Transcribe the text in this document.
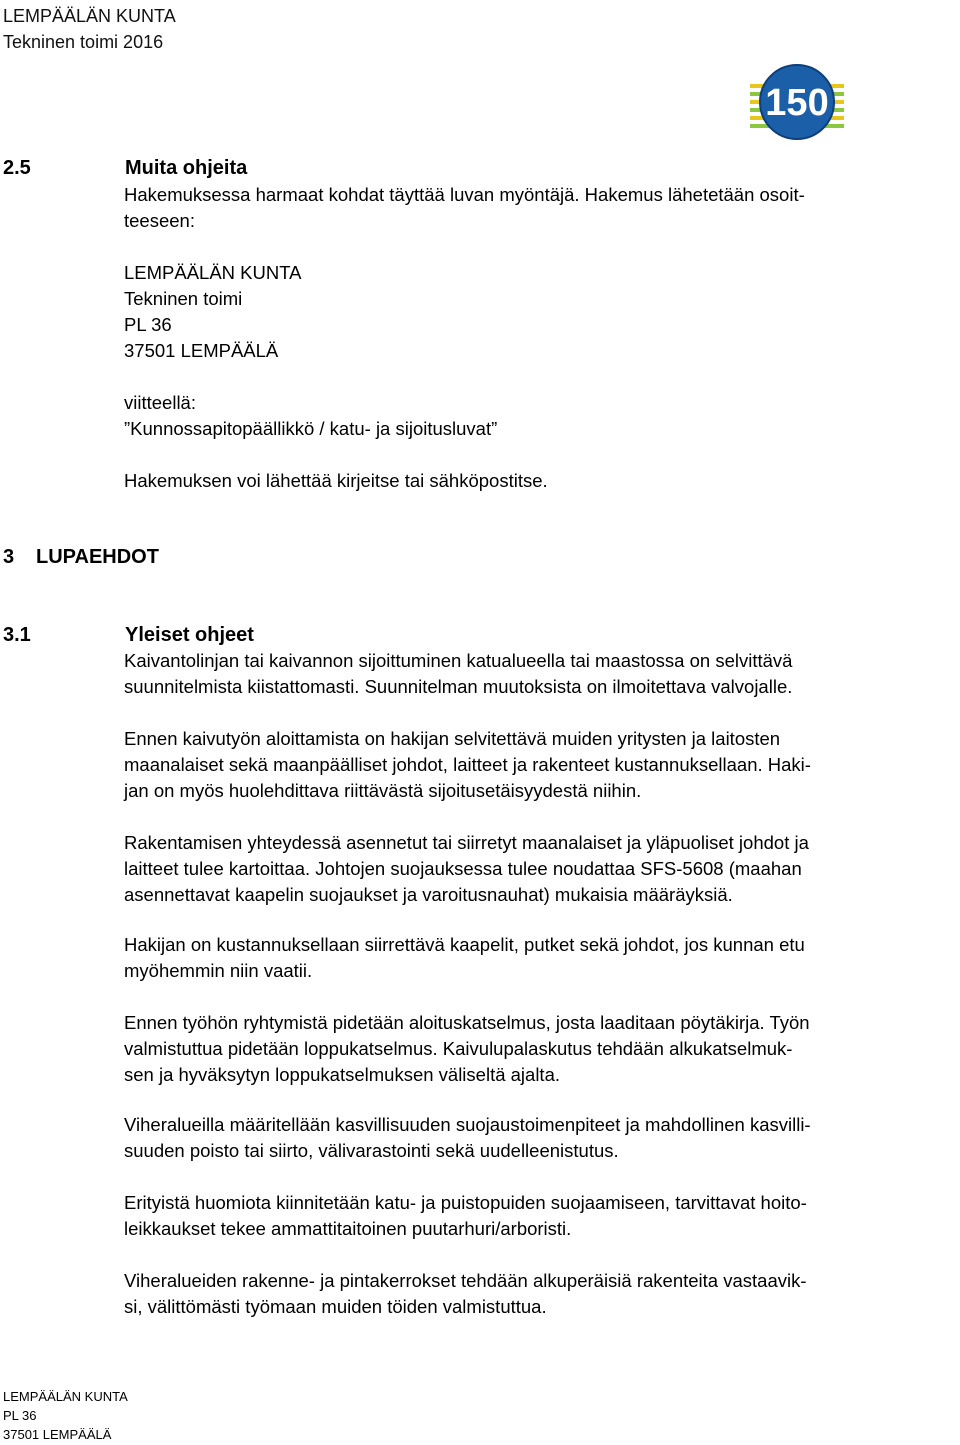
LEMPÄÄLÄN KUNTA
Tekninen toimi 2016
150
2.5	Muita ohjeita

Hakemuksessa harmaat kohdat täyttää luvan myöntäjä. Hakemus lähetetään osoit-
teeseen:

LEMPÄÄLÄN KUNTA
Tekninen toimi
PL 36
37501 LEMPÄÄLÄ

viitteellä:
”Kunnossapitopäällikkö / katu- ja sijoitusluvat”

Hakemuksen voi lähettää kirjeitse tai sähköpostitse.

3 LUPAEHDOT
3.1	Yleiset ohjeet

Kaivantolinjan tai kaivannon sijoittuminen katualueella tai maastossa on selvittävä
suunnitelmista kiistattomasti. Suunnitelman muutoksista on ilmoitettava valvojalle.

Ennen kaivutyön aloittamista on hakijan selvitettävä muiden yritysten ja laitosten
maanalaiset sekä maanpäälliset johdot, laitteet ja rakenteet kustannuksellaan. Haki-
jan on myös huolehdittava riittävästä sijoitusetäisyydestä niihin.

Rakentamisen yhteydessä asennetut tai siirretyt maanalaiset ja yläpuoliset johdot ja
laitteet tulee kartoittaa. Johtojen suojauksessa tulee noudattaa SFS-5608 (maahan
asennettavat kaapelin suojaukset ja varoitusnauhat) mukaisia määräyksiä.

Hakijan on kustannuksellaan siirrettävä kaapelit, putket sekä johdot, jos kunnan etu
myöhemmin niin vaatii.

Ennen työhön ryhtymistä pidetään aloituskatselmus, josta laaditaan pöytäkirja. Työn
valmistuttua pidetään loppukatselmus. Kaivulupalaskutus tehdään alkukatselmuk-
sen ja hyväksytyn loppukatselmuksen väliseltä ajalta.

Viheralueilla määritellään kasvillisuuden suojaustoimenpiteet ja mahdollinen kasvilli-
suuden poisto tai siirto, välivarastointi sekä uudelleenistutus.

Erityistä huomiota kiinnitetään katu- ja puistopuiden suojaamiseen, tarvittavat hoito-
leikkaukset tekee ammattitaitoinen puutarhuri/arboristi.

Viheralueiden rakenne- ja pintakerrokset tehdään alkuperäisiä rakenteita vastaavik-
si, välittömästi työmaan muiden töiden valmistuttua.

LEMPÄÄLÄN KUNTA
PL 36
37501 LEMPÄÄLÄ
